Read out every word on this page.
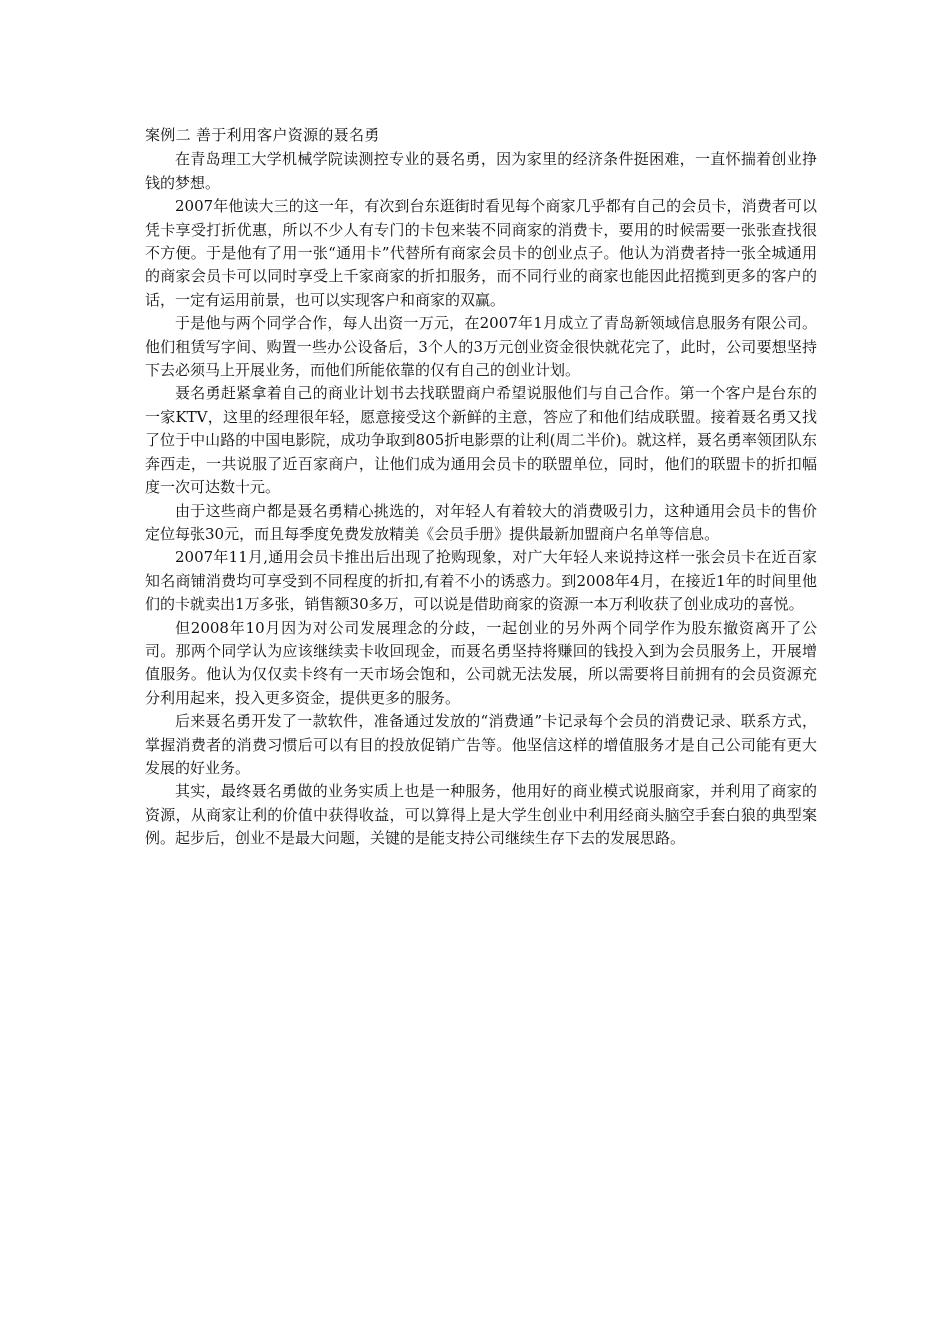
案例二 善于利用客户资源的聂名勇

在青岛理工大学机械学院读测控专业的聂名勇，因为家里的经济条件挺困难，一直怀揣着创业挣钱的梦想。

2007年他读大三的这一年，有次到台东逛街时看见每个商家几乎都有自己的会员卡，消费者可以凭卡享受打折优惠，所以不少人有专门的卡包来装不同商家的消费卡，要用的时候需要一张张查找很不方便。于是他有了用一张“通用卡”代替所有商家会员卡的创业点子。他认为消费者持一张全城通用的商家会员卡可以同时享受上千家商家的折扣服务，而不同行业的商家也能因此招揽到更多的客户的话，一定有运用前景，也可以实现客户和商家的双赢。

于是他与两个同学合作，每人出资一万元，在2007年1月成立了青岛新领域信息服务有限公司。他们租赁写字间、购置一些办公设备后，3个人的3万元创业资金很快就花完了，此时，公司要想坚持下去必须马上开展业务，而他们所能依靠的仅有自己的创业计划。

聂名勇赶紧拿着自己的商业计划书去找联盟商户希望说服他们与自己合作。第一个客户是台东的一家KTV，这里的经理很年轻，愿意接受这个新鲜的主意，答应了和他们结成联盟。接着聂名勇又找了位于中山路的中国电影院，成功争取到805折电影票的让利(周二半价)。就这样，聂名勇率领团队东奔西走，一共说服了近百家商户，让他们成为通用会员卡的联盟单位，同时，他们的联盟卡的折扣幅度一次可达数十元。

由于这些商户都是聂名勇精心挑选的，对年轻人有着较大的消费吸引力，这种通用会员卡的售价定位每张30元，而且每季度免费发放精美《会员手册》提供最新加盟商户名单等信息。

2007年11月,通用会员卡推出后出现了抢购现象，对广大年轻人来说持这样一张会员卡在近百家知名商铺消费均可享受到不同程度的折扣,有着不小的诱惑力。到2008年4月，在接近1年的时间里他们的卡就卖出1万多张，销售额30多万，可以说是借助商家的资源一本万利收获了创业成功的喜悦。

但2008年10月因为对公司发展理念的分歧，一起创业的另外两个同学作为股东撤资离开了公司。那两个同学认为应该继续卖卡收回现金，而聂名勇坚持将赚回的钱投入到为会员服务上，开展增值服务。他认为仅仅卖卡终有一天市场会饱和，公司就无法发展，所以需要将目前拥有的会员资源充分利用起来，投入更多资金，提供更多的服务。

后来聂名勇开发了一款软件，准备通过发放的“消费通”卡记录每个会员的消费记录、联系方式，掌握消费者的消费习惯后可以有目的投放促销广告等。他坚信这样的增值服务才是自己公司能有更大发展的好业务。

其实，最终聂名勇做的业务实质上也是一种服务，他用好的商业模式说服商家，并利用了商家的资源，从商家让利的价值中获得收益，可以算得上是大学生创业中利用经商头脑空手套白狼的典型案例。起步后，创业不是最大问题，关键的是能支持公司继续生存下去的发展思路。
